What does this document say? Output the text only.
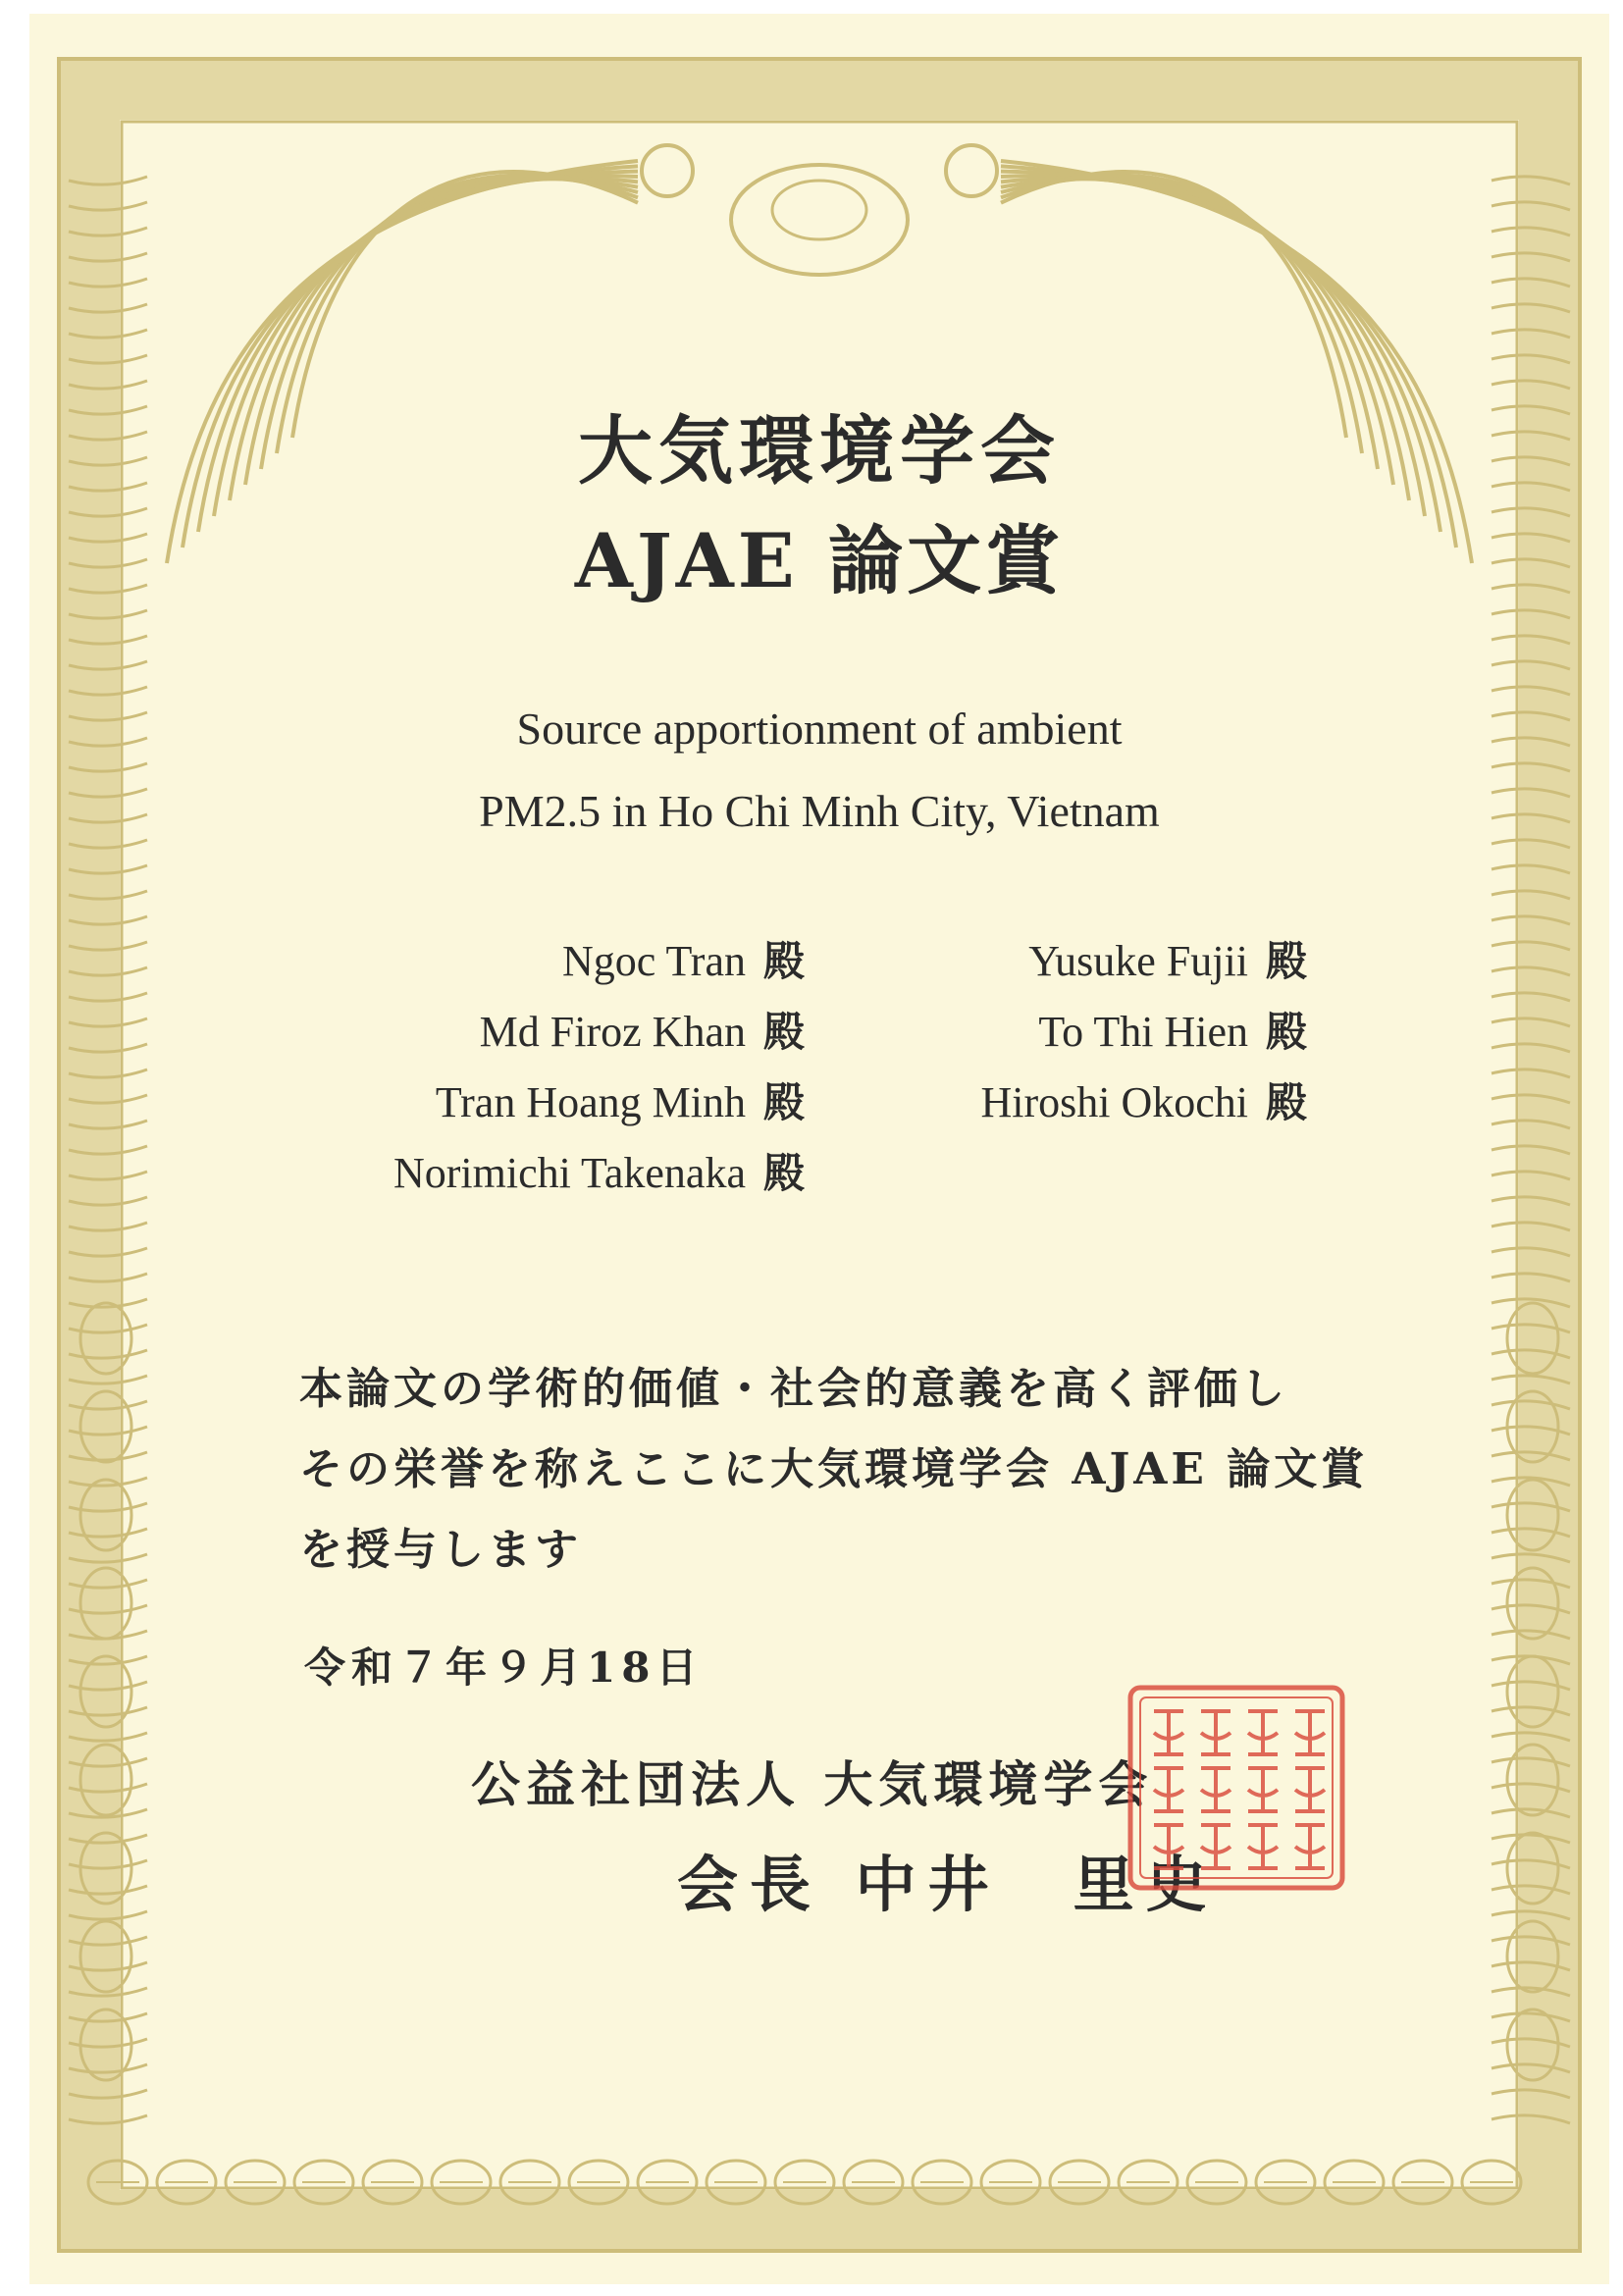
大気環境学会
AJAE 論文賞

Source apportionment of ambient

PM2.5 in Ho Chi Minh City, Vietnam

Ngoc Tran 殿
Md Firoz Khan 殿
Tran Hoang Minh 殿
Norimichi Takenaka 殿
Yusuke Fujii 殿
To Thi Hien 殿
Hiroshi Okochi 殿

本論文の学術的価値・社会的意義を高く評価し

その栄誉を称えここに大気環境学会 AJAE 論文賞

を授与します

令和７年９月18日

公益社団法人 大気環境学会

会長 中井　里史
